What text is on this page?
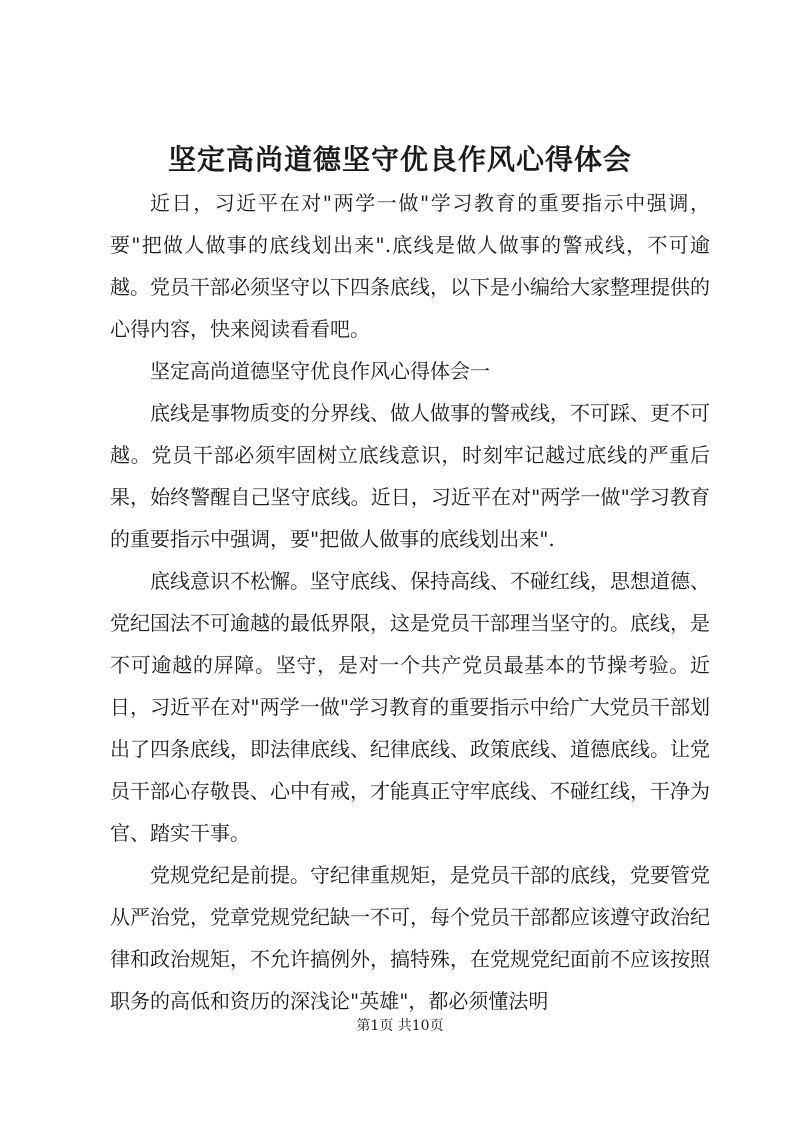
坚定高尚道德坚守优良作风心得体会

近日，习近平在对"两学一做"学习教育的重要指示中强调，要"把做人做事的底线划出来".底线是做人做事的警戒线，不可逾越。党员干部必须坚守以下四条底线，以下是小编给大家整理提供的心得内容，快来阅读看看吧。

坚定高尚道德坚守优良作风心得体会一

底线是事物质变的分界线、做人做事的警戒线，不可踩、更不可越。党员干部必须牢固树立底线意识，时刻牢记越过底线的严重后果，始终警醒自己坚守底线。近日，习近平在对"两学一做"学习教育的重要指示中强调，要"把做人做事的底线划出来".

底线意识不松懈。坚守底线、保持高线、不碰红线，思想道德、党纪国法不可逾越的最低界限，这是党员干部理当坚守的。底线，是不可逾越的屏障。坚守，是对一个共产党员最基本的节操考验。近日，习近平在对"两学一做"学习教育的重要指示中给广大党员干部划出了四条底线，即法律底线、纪律底线、政策底线、道德底线。让党员干部心存敬畏、心中有戒，才能真正守牢底线、不碰红线，干净为官、踏实干事。

党规党纪是前提。守纪律重规矩，是党员干部的底线，党要管党从严治党，党章党规党纪缺一不可，每个党员干部都应该遵守政治纪律和政治规矩，不允许搞例外，搞特殊，在党规党纪面前不应该按照职务的高低和资历的深浅论"英雄"，都必须懂法明

第1页 共10页
